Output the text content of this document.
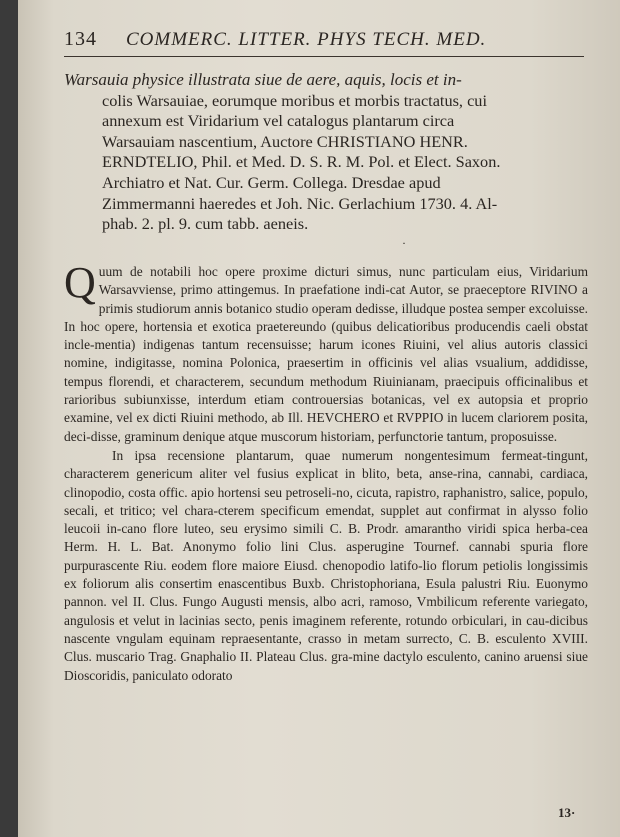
134 COMMERC. LITTER. PHYS TECH. MED.

Warsauia physice illustrata siue de aere, aquis, locis et in-

colis Warsauiae, eorumque moribus et morbis tractatus, cui

annexum est Viridarium vel catalogus plantarum circa

Warsauiam nascentium, Auctore CHRISTIANO HENR.

ERNDTELIO, Phil. et Med. D. S. R. M. Pol. et Elect. Saxon.

Archiatro et Nat. Cur. Germ. Collega. Dresdae apud

Zimmermanni haeredes et Joh. Nic. Gerlachium 1730. 4. Al-

phab. 2. pl. 9. cum tabb. aeneis.

·

Q uum de notabili hoc opere proxime dicturi simus, nunc particulam eius, Viridarium Warsavviense, primo attingemus. In praefatione indi-cat Autor, se praeceptore RIVINO a primis studiorum annis botanico studio operam dedisse, illudque postea semper excoluisse. In hoc opere, hortensia et exotica praetereundo (quibus delicatioribus producendis caeli obstat incle-mentia) indigenas tantum recensuisse; harum icones Riuini, vel alius autoris classici nomine, indigitasse, nomina Polonica, praesertim in officinis vel alias vsualium, addidisse, tempus florendi, et characterem, secundum methodum Riuinianam, praecipuis officinalibus et rarioribus subiunxisse, interdum etiam controuersias botanicas, vel ex autopsia et proprio examine, vel ex dicti Riuini methodo, ab Ill. HEVCHERO et RVPPIO in lucem clariorem posita, deci-disse, graminum denique atque muscorum historiam, perfunctorie tantum, proposuisse.

In ipsa recensione plantarum, quae numerum nongentesimum fermeat-tingunt, characterem genericum aliter vel fusius explicat in blito, beta, anse-rina, cannabi, cardiaca, clinopodio, costa offic. apio hortensi seu petroseli-no, cicuta, rapistro, raphanistro, salice, populo, secali, et tritico; vel chara-cterem specificum emendat, supplet aut confirmat in alysso folio leucoii in-cano flore luteo, seu erysimo simili C. B. Prodr. amarantho viridi spica herba-cea Herm. H. L. Bat. Anonymo folio lini Clus. asperugine Tournef. cannabi spuria flore purpurascente Riu. eodem flore maiore Eiusd. chenopodio latifo-lio florum petiolis longissimis ex foliorum alis consertim enascentibus Buxb. Christophoriana, Esula palustri Riu. Euonymo pannon. vel II. Clus. Fungo Augusti mensis, albo acri, ramoso, Vmbilicum referente variegato, angulosis et velut in lacinias secto, penis imaginem referente, rotundo orbiculari, in cau-dicibus nascente vngulam equinam repraesentante, crasso in metam surrecto, C. B. esculento XVIII. Clus. muscario Trag. Gnaphalio II. Plateau Clus. gra-mine dactylo esculento, canino aruensi siue Dioscoridis, paniculato odorato

13·
